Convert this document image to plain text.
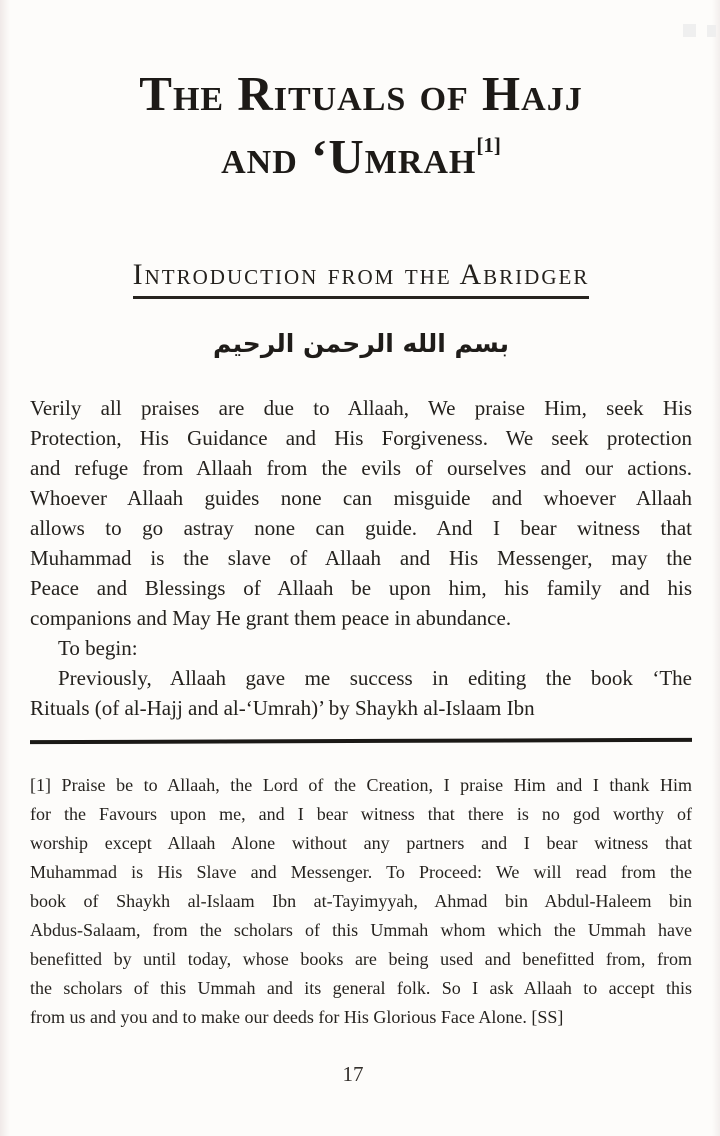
The Rituals of Hajj
and ‘Umrah[1]
Introduction from the Abridger
بسم الله الرحمن الرحيم
Verily all praises are due to Allaah, We praise Him, seek His
Protection, His Guidance and His Forgiveness. We seek protection
and refuge from Allaah from the evils of ourselves and our actions.
Whoever Allaah guides none can misguide and whoever Allaah
allows to go astray none can guide. And I bear witness that
Muhammad is the slave of Allaah and His Messenger, may the
Peace and Blessings of Allaah be upon him, his family and his
companions and May He grant them peace in abundance.
To begin:
Previously, Allaah gave me success in editing the book ‘The
Rituals (of al-Hajj and al-‘Umrah)’ by Shaykh al-Islaam Ibn
[1] Praise be to Allaah, the Lord of the Creation, I praise Him and I thank Him
for the Favours upon me, and I bear witness that there is no god worthy of
worship except Allaah Alone without any partners and I bear witness that
Muhammad is His Slave and Messenger. To Proceed: We will read from the
book of Shaykh al-Islaam Ibn at-Tayimyyah, Ahmad bin Abdul-Haleem bin
Abdus-Salaam, from the scholars of this Ummah whom which the Ummah have
benefitted by until today, whose books are being used and benefitted from, from
the scholars of this Ummah and its general folk. So I ask Allaah to accept this
from us and you and to make our deeds for His Glorious Face Alone. [SS]
17
